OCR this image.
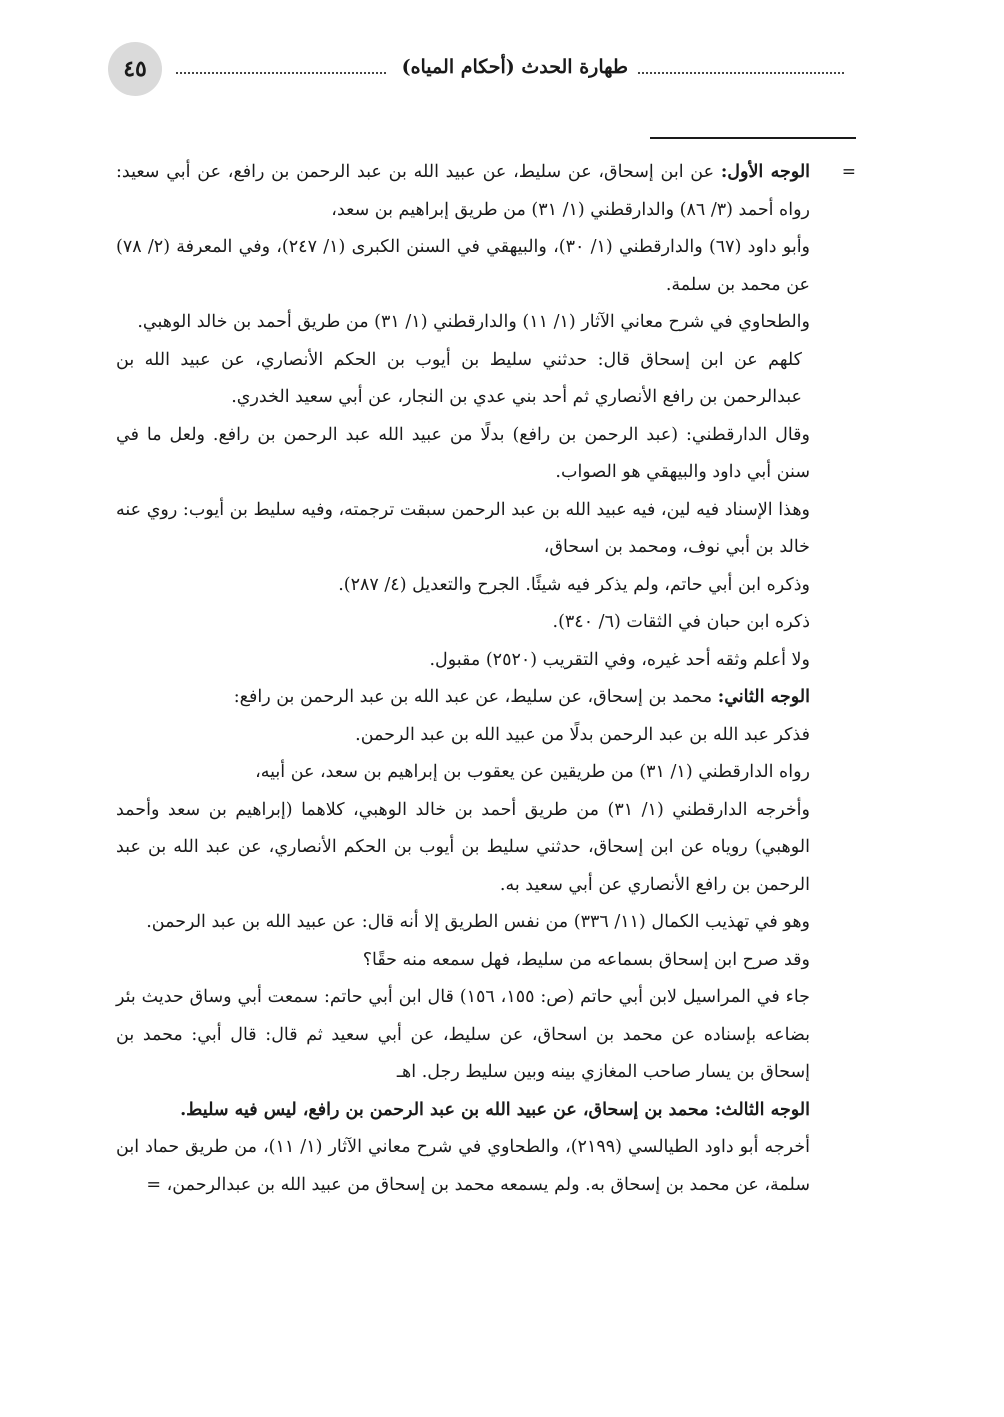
٤٥	طهارة الحدث (أحكام المياه)
=

الوجه الأول: عن ابن إسحاق، عن سليط، عن عبيد الله بن عبد الرحمن بن رافع، عن أبي سعيد: رواه أحمد (٣/ ٨٦) والدارقطني (١/ ٣١) من طريق إبراهيم بن سعد،

وأبو داود (٦٧) والدارقطني (١/ ٣٠)، والبيهقي في السنن الكبرى (١/ ٢٤٧)، وفي المعرفة (٢/ ٧٨) عن محمد بن سلمة.

والطحاوي في شرح معاني الآثار (١/ ١١) والدارقطني (١/ ٣١) من طريق أحمد بن خالد الوهبي.

كلهم عن ابن إسحاق قال: حدثني سليط بن أيوب بن الحكم الأنصاري، عن عبيد الله بن عبدالرحمن بن رافع الأنصاري ثم أحد بني عدي بن النجار، عن أبي سعيد الخدري.

وقال الدارقطني: (عبد الرحمن بن رافع) بدلًا من عبيد الله عبد الرحمن بن رافع. ولعل ما في سنن أبي داود والبيهقي هو الصواب.

وهذا الإسناد فيه لين، فيه عبيد الله بن عبد الرحمن سبقت ترجمته، وفيه سليط بن أيوب: روي عنه خالد بن أبي نوف، ومحمد بن اسحاق،

وذكره ابن أبي حاتم، ولم يذكر فيه شيئًا. الجرح والتعديل (٤/ ٢٨٧).

ذكره ابن حبان في الثقات (٦/ ٣٤٠).

ولا أعلم وثقه أحد غيره، وفي التقريب (٢٥٢٠) مقبول.

الوجه الثاني: محمد بن إسحاق، عن سليط، عن عبد الله بن عبد الرحمن بن رافع:

فذكر عبد الله بن عبد الرحمن بدلًا من عبيد الله بن عبد الرحمن.

رواه الدارقطني (١/ ٣١) من طريقين عن يعقوب بن إبراهيم بن سعد، عن أبيه،

وأخرجه الدارقطني (١/ ٣١) من طريق أحمد بن خالد الوهبي، كلاهما (إبراهيم بن سعد وأحمد الوهبي) روياه عن ابن إسحاق، حدثني سليط بن أيوب بن الحكم الأنصاري، عن عبد الله بن عبد الرحمن بن رافع الأنصاري عن أبي سعيد به.

وهو في تهذيب الكمال (١١/ ٣٣٦) من نفس الطريق إلا أنه قال: عن عبيد الله بن عبد الرحمن.

وقد صرح ابن إسحاق بسماعه من سليط، فهل سمعه منه حقًا؟

جاء في المراسيل لابن أبي حاتم (ص: ١٥٥، ١٥٦) قال ابن أبي حاتم: سمعت أبي وساق حديث بئر بضاعه بإسناده عن محمد بن اسحاق، عن سليط، عن أبي سعيد ثم قال: قال أبي: محمد بن إسحاق بن يسار صاحب المغازي بينه وبين سليط رجل. اهـ

الوجه الثالث: محمد بن إسحاق، عن عبيد الله بن عبد الرحمن بن رافع، ليس فيه سليط.

أخرجه أبو داود الطيالسي (٢١٩٩)، والطحاوي في شرح معاني الآثار (١/ ١١)، من طريق حماد ابن سلمة، عن محمد بن إسحاق به. ولم يسمعه محمد بن إسحاق من عبيد الله بن عبدالرحمن، =
